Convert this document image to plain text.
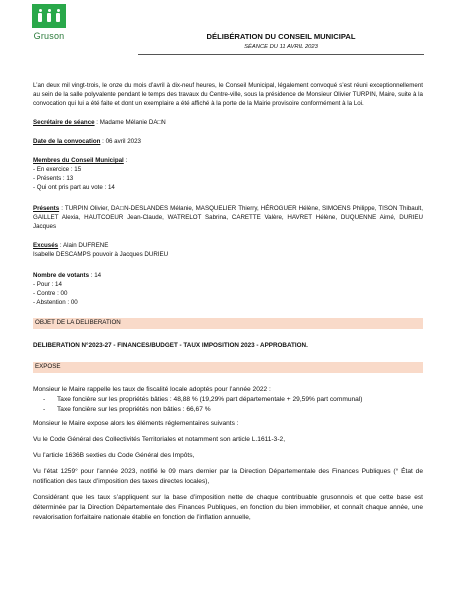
Gruson	DÉLIBÉRATION DU CONSEIL MUNICIPAL
SÉANCE DU 11 AVRIL 2023

L’an deux mil vingt-trois, le onze du mois d’avril à dix-neuf heures, le Conseil Municipal, légalement convoqué s’est réuni exceptionnellement au sein de la salle polyvalente pendant le temps des travaux du Centre-ville, sous la présidence de Monsieur Olivier TURPIN, Maire, suite à la convocation qui lui a été faite et dont un exemplaire a été affiché à la porte de la Mairie provisoire conformément à la Loi.

Secrétaire de séance : Madame Mélanie DA□N

Date de la convocation : 06 avril 2023

Membres du Conseil Municipal :

- En exercice : 15

- Présents : 13

- Qui ont pris part au vote : 14

Présents : TURPIN Olivier, DA□N-DESLANDES Mélanie, MASQUELIER Thierry, HÉROGUER Hélène, SIMOENS Philippe, TISON Thibault, GAILLET Alexia, HAUTCOEUR Jean-Claude, WATRELOT Sabrina, CARETTE Valère, HAVRET Hélène, DUQUENNE Aimé, DURIEU Jacques

Excusés : Alain DUFRENE

Isabelle DESCAMPS pouvoir à Jacques DURIEU

Nombre de votants : 14

- Pour : 14

- Contre : 00

- Abstention : 00

OBJET DE LA DELIBERATION

DELIBERATION N°2023-27 - FINANCES/BUDGET - TAUX IMPOSITION 2023 - APPROBATION.

EXPOSE

Monsieur le Maire rappelle les taux de fiscalité locale adoptés pour l’année 2022 :

-	Taxe foncière sur les propriétés bâties : 48,88 % (19,29% part départementale + 29,59% part communal)
-	Taxe foncière sur les propriétés non bâties : 66,67 %

Monsieur le Maire expose alors les éléments réglementaires suivants :

Vu le Code Général des Collectivités Territoriales et notamment son article L.1611-3-2,

Vu l’article 1636B sexties du Code Général des Impôts,

Vu l’état 1259° pour l’année 2023, notifié le 09 mars dernier par la Direction Départementale des Finances Publiques (° État de notification des taux d’imposition des taxes directes locales),

Considérant que les taux s’appliquent sur la base d’imposition nette de chaque contribuable grusonnois et que cette base est déterminée par la Direction Départementale des Finances Publiques, en fonction du bien immobilier, et connaît chaque année, une revalorisation forfaitaire nationale établie en fonction de l’inflation annuelle,
